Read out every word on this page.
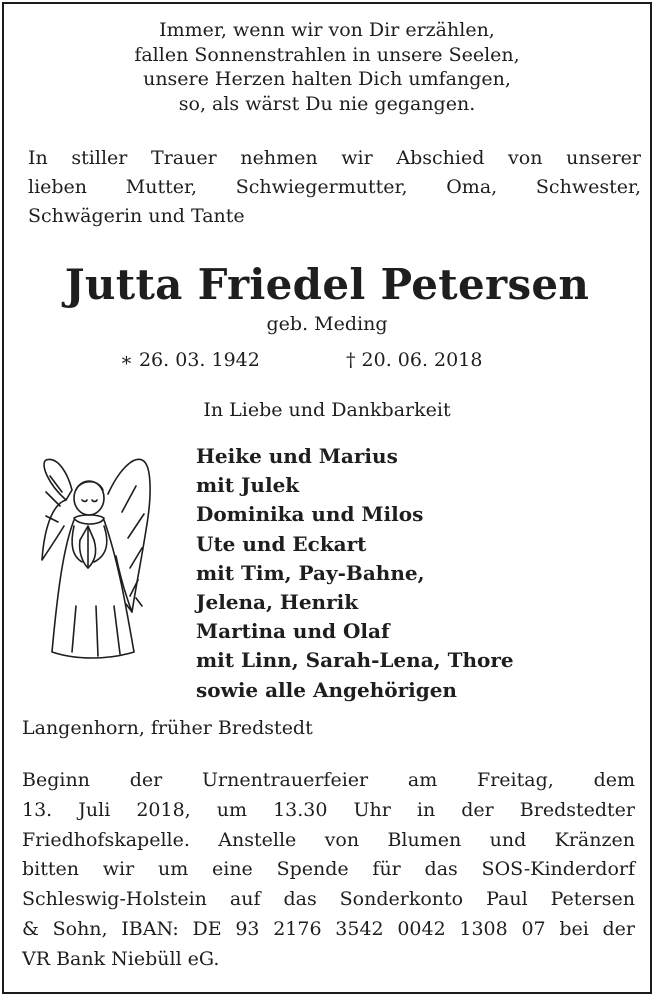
Immer, wenn wir von Dir erzählen,
fallen Sonnenstrahlen in unsere Seelen,
unsere Herzen halten Dich umfangen,
so, als wärst Du nie gegangen.
In stiller Trauer nehmen wir Abschied von unserer
lieben Mutter, Schwiegermutter, Oma, Schwester,
Schwägerin und Tante
Jutta Friedel Petersen
geb. Meding
∗ 26. 03. 1942	† 20. 06. 2018
In Liebe und Dankbarkeit
Heike und Marius
mit Julek
Dominika und Milos
Ute und Eckart
mit Tim, Pay-Bahne,
Jelena, Henrik
Martina und Olaf
mit Linn, Sarah-Lena, Thore
sowie alle Angehörigen
Langenhorn, früher Bredstedt
Beginn der Urnentrauerfeier am Freitag, dem
13. Juli 2018, um 13.30 Uhr in der Bredstedter
Friedhofskapelle. Anstelle von Blumen und Kränzen
bitten wir um eine Spende für das SOS-Kinderdorf
Schleswig-Holstein auf das Sonderkonto Paul Petersen
& Sohn, IBAN: DE 93 2176 3542 0042 1308 07 bei der
VR Bank Niebüll eG.
